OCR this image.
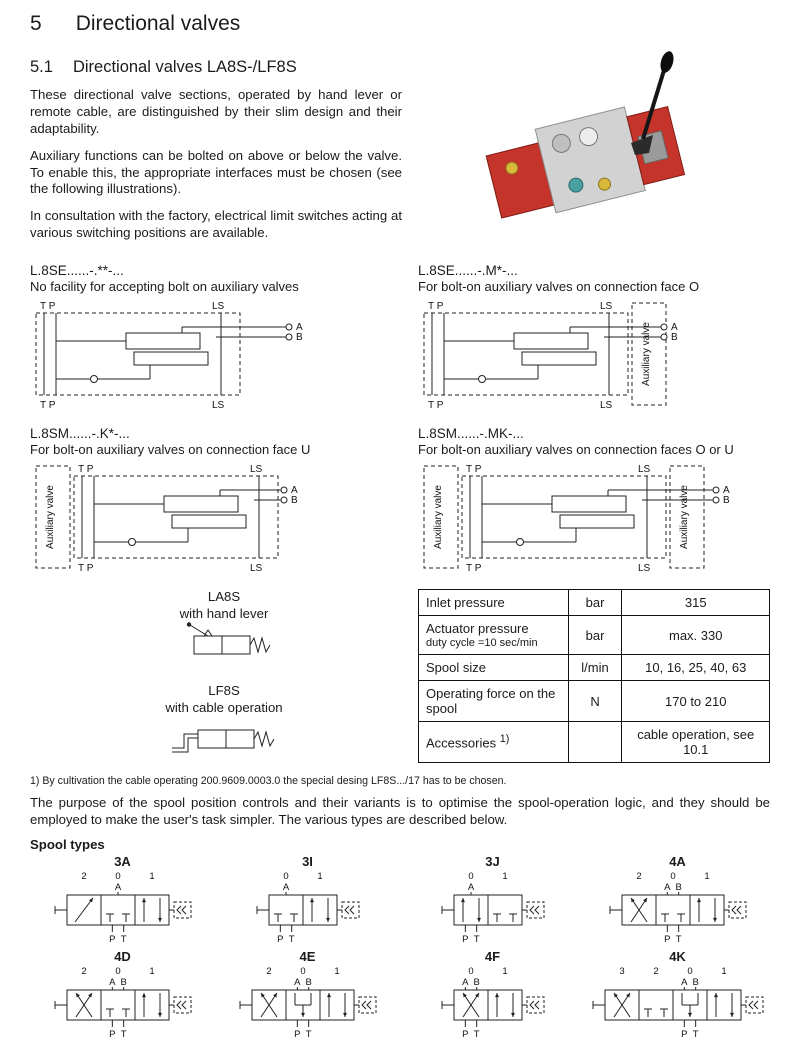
5 Directional valves
5.1 Directional valves LA8S-/LF8S

These directional valve sections, operated by hand lever or remote cable, are distinguished by their slim design and their adaptability.

Auxiliary functions can be bolted on above or below the valve. To enable this, the appropriate interfaces must be chosen (see the following illustrations).

In consultation with the factory, electrical limit switches acting at various switching positions are available.

L.8SE......-.**-...
No facility for accepting bolt on auxiliary valves
T P	LS
T P	LS
A
B
L.8SE......-.M*-...
For bolt-on auxiliary valves on connection face O
T P	LS
T P	LS
Auxiliary valve A
B
L.8SM......-.K*-...
For bolt-on auxiliary valves on connection face U
T P	LS
T P	LS
Auxiliary valve	A
B
L.8SM......-.MK-...
For bolt-on auxiliary valves on connection faces O or U
T P	LS
T P	LS
Auxiliary valve	Auxiliary valve	A
B
LA8S
with hand lever
LF8S
with cable operation
Inlet pressure	bar	315
Actuator pressure
duty cycle =10 sec/min	bar	max. 330
Spool size	l/min	10, 16, 25, 40, 63
Operating force on the spool	N	170 to 210
Accessories $^{1)}$		cable operation, see 10.1
1) By cultivation the cable operating 200.9609.0003.0 the special desing LF8S.../17 has to be chosen.

The purpose of the spool position controls and their variants is to optimise the spool-operation logic, and they should be employed to make the user's task simpler. The various types are described below.

Spool types
3A
2	0	1
A
P T
3I
0	1
A
P T
3J
0	1
A
P T
4A
2	0	1
A B
P T
4D
2	0	1
A B
P T
4E
2	0	1
A B
P T
4F
0	1
A B
P T
4K
3	2	0	1
A B
P T
